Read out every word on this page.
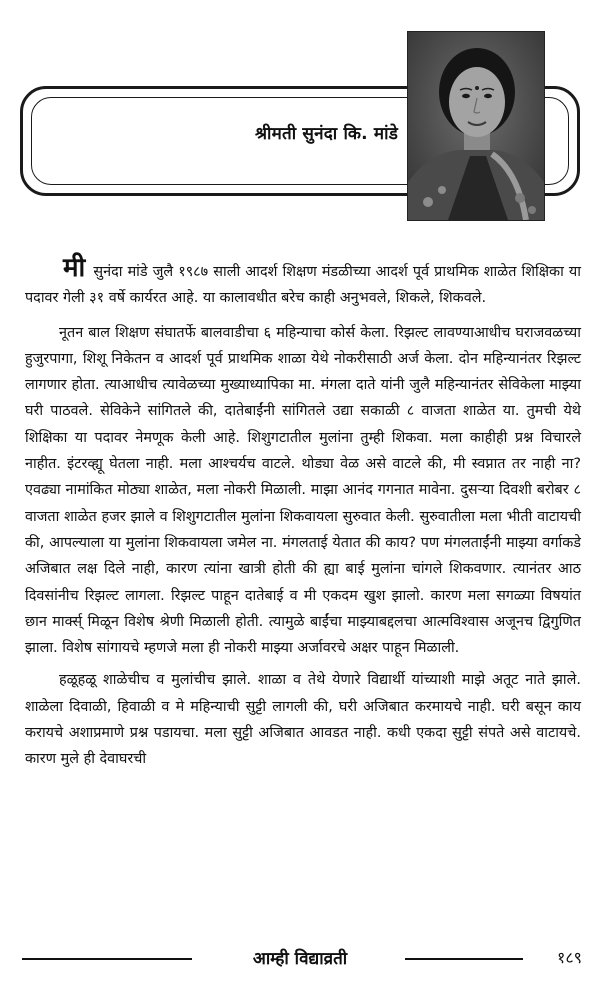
श्रीमती सुनंदा कि. मांडे

मी सुनंदा मांडे जुलै १९८७ साली आदर्श शिक्षण मंडळीच्या आदर्श पूर्व प्राथमिक शाळेत शिक्षिका या पदावर गेली ३१ वर्षे कार्यरत आहे. या कालावधीत बरेच काही अनुभवले, शिकले, शिकवले.

नूतन बाल शिक्षण संघातर्फे बालवाडीचा ६ महिन्याचा कोर्स केला. रिझल्ट लावण्याआधीच घराजवळच्या हुजुरपागा, शिशू निकेतन व आदर्श पूर्व प्राथमिक शाळा येथे नोकरीसाठी अर्ज केला. दोन महिन्यानंतर रिझल्ट लागणार होता. त्याआधीच त्यावेळच्या मुख्याध्यापिका मा. मंगला दाते यांनी जुलै महिन्यानंतर सेविकेला माझ्या घरी पाठवले. सेविकेने सांगितले की, दातेबाईंनी सांगितले उद्या सकाळी ८ वाजता शाळेत या. तुमची येथे शिक्षिका या पदावर नेमणूक केली आहे. शिशुगटातील मुलांना तुम्ही शिकवा. मला काहीही प्रश्न विचारले नाहीत. इंटरव्ह्यू घेतला नाही. मला आश्चर्यच वाटले. थोड्या वेळ असे वाटले की, मी स्वप्नात तर नाही ना? एवढ्या नामांकित मोठ्या शाळेत, मला नोकरी मिळाली. माझा आनंद गगनात मावेना. दुसऱ्या दिवशी बरोबर ८ वाजता शाळेत हजर झाले व शिशुगटातील मुलांना शिकवायला सुरुवात केली. सुरुवातीला मला भीती वाटायची की, आपल्याला या मुलांना शिकवायला जमेल ना. मंगलताई येतात की काय? पण मंगलताईंनी माझ्या वर्गाकडे अजिबात लक्ष दिले नाही, कारण त्यांना खात्री होती की ह्या बाई मुलांना चांगले शिकवणार. त्यानंतर आठ दिवसांनीच रिझल्ट लागला. रिझल्ट पाहून दातेबाई व मी एकदम खुश झालो. कारण मला सगळ्या विषयांत छान मार्क्स् मिळून विशेष श्रेणी मिळाली होती. त्यामुळे बाईंचा माझ्याबद्दलचा आत्मविश्वास अजूनच द्विगुणित झाला. विशेष सांगायचे म्हणजे मला ही नोकरी माझ्या अर्जावरचे अक्षर पाहून मिळाली.

हळूहळू शाळेचीच व मुलांचीच झाले. शाळा व तेथे येणारे विद्यार्थी यांच्याशी माझे अतूट नाते झाले. शाळेला दिवाळी, हिवाळी व मे महिन्याची सुट्टी लागली की, घरी अजिबात करमायचे नाही. घरी बसून काय करायचे अशाप्रमाणे प्रश्न पडायचा. मला सुट्टी अजिबात आवडत नाही. कधी एकदा सुट्टी संपते असे वाटायचे. कारण मुले ही देवाघरची

आम्ही विद्याव्रती	१८९
